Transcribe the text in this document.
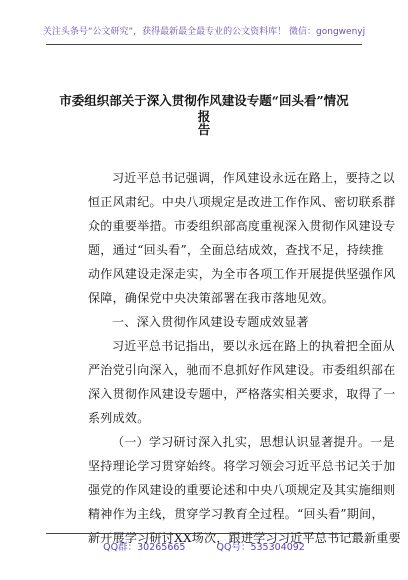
关注头条号“公文研究”，获得最新最全最专业的公文资料库！ 微信：gongwenyj
市委组织部关于深入贯彻作风建设专题“回头看”情况报
告
习近平总书记强调，作风建设永远在路上，要持之以
恒正风肃纪。中央八项规定是改进工作作风、密切联系群
众的重要举措。市委组织部高度重视深入贯彻作风建设专
题，通过“回头看”，全面总结成效，查找不足，持续推
动作风建设走深走实，为全市各项工作开展提供坚强作风
保障，确保党中央决策部署在我市落地见效。
一、深入贯彻作风建设专题成效显著
习近平总书记指出，要以永远在路上的执着把全面从
严治党引向深入，驰而不息抓好作风建设。市委组织部在
深入贯彻作风建设专题中，严格落实相关要求，取得了一
系列成效。
（一）学习研讨深入扎实，思想认识显著提升。一是
坚持理论学习贯穿始终。将学习领会习近平总书记关于加
强党的作风建设的重要论述和中央八项规定及其实施细则
精神作为主线，贯穿学习教育全过程。“回头看”期间，
新开展学习研讨XX场次，跟进学习习近平总书记最新重要
QQ群：30265665	QQ号：535304092
